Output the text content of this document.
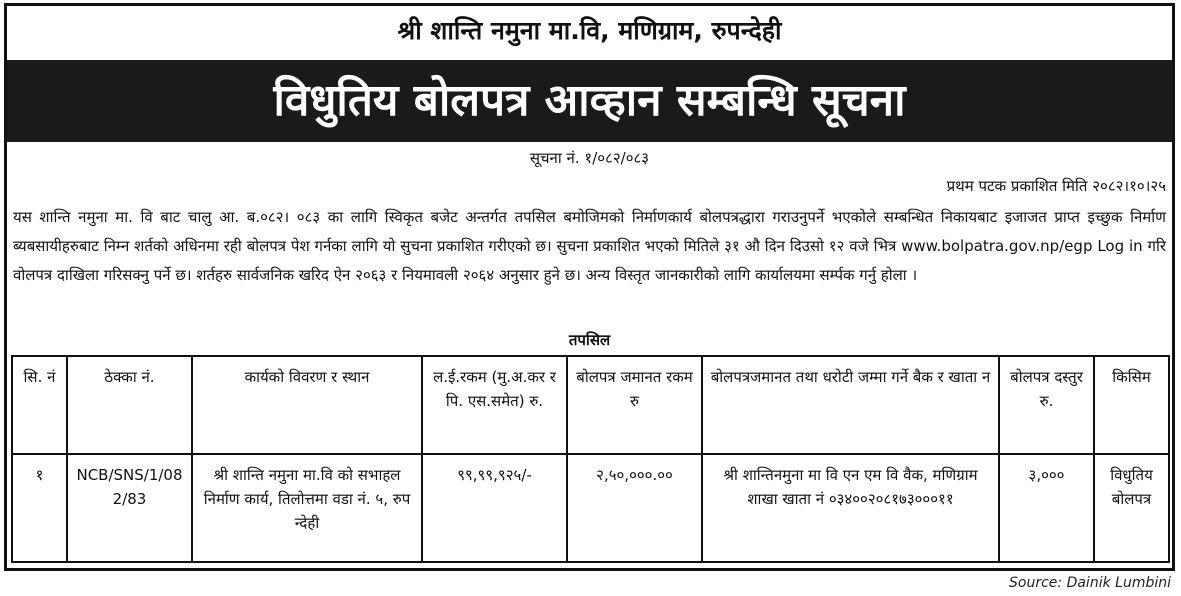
श्री शान्ति नमुना मा.वि, मणिग्राम, रुपन्देही
विधुतिय बोलपत्र आव्हान सम्बन्धि सूचना
सूचना नं. १/०८२/०८३
प्रथम पटक प्रकाशित मिति २०८२।१०।२५
यस शान्ति नमुना मा. वि बाट चालु आ. ब.०८२। ०८३ का लागि स्विकृत बजेट अन्तर्गत तपसिल बमोजिमको निर्माणकार्य बोलपत्रद्धारा गराउनुपर्ने भएकोले सम्बन्धित निकायबाट इजाजत प्राप्त इच्छुक निर्माण ब्यबसायीहरुबाट निम्न शर्तको अधिनमा रही बोलपत्र पेश गर्नका लागि यो सुचना प्रकाशित गरीएको छ। सुचना प्रकाशित भएको मितिले ३१ औ दिन दिउसो १२ वजे भित्र www.bolpatra.gov.np/egp Log in गरि वोलपत्र दाखिला गरिसक्नु पर्ने छ। शर्तहरु सार्वजनिक खरिद ऐन २०६३ र नियमावली २०६४ अनुसार हुने छ। अन्य विस्तृत जानकारीको लागि कार्यालयमा सर्म्पक गर्नु होला ।
तपसिल
सि. नं	ठेक्का नं.	कार्यको विवरण र स्थान	ल.ई.रकम (मु.अ.कर र पि. एस.समेत) रु.	बोलपत्र जमानत रकम रु	बोलपत्रजमानत तथा धरोटी जम्मा गर्ने बैक र खाता न	बोलपत्र दस्तुर रु.	किसिम
१	NCB/SNS/1/082/83	श्री शान्ति नमुना मा.वि को सभाहल निर्माण कार्य, तिलोत्तमा वडा नं. ५, रुपन्देही	९९,९९,९२५/-	२,५०,०००.००	श्री शान्तिनमुना मा वि एन एम वि वैक, मणिग्राम शाखा खाता नं ०३४००२०८१७३०००११	३,०००	विधुतिय बोलपत्र
Source: Dainik Lumbini
